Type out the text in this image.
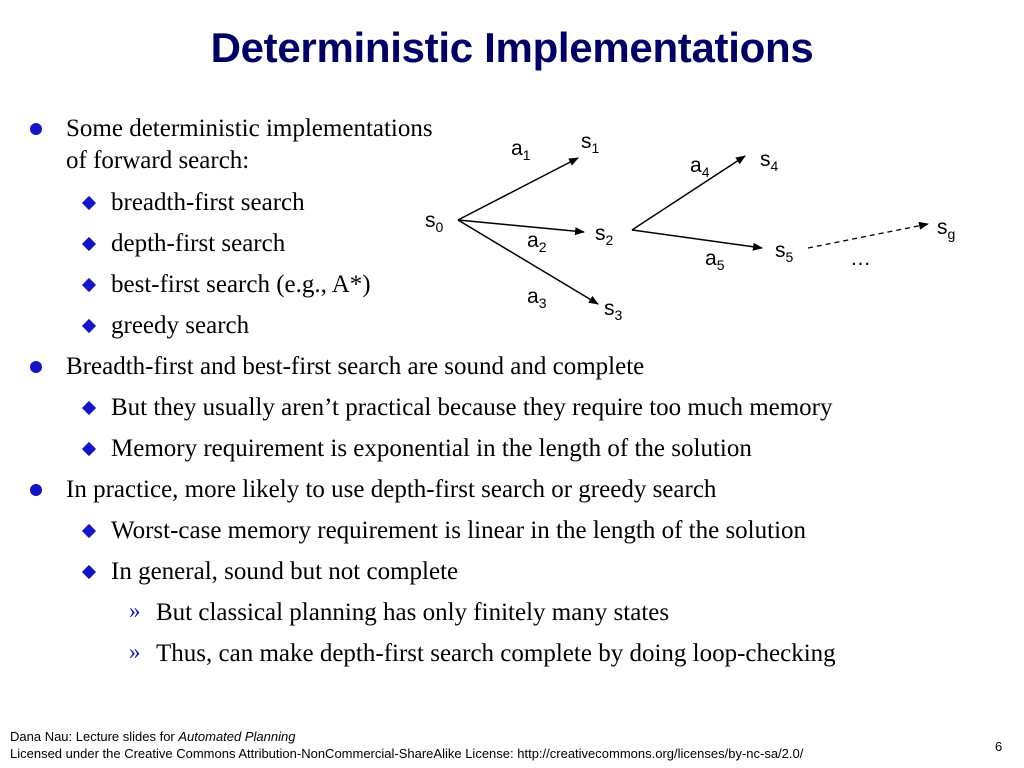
Deterministic Implementations
Some deterministic implementations
of forward search:
breadth-first search
depth-first search
best-first search (e.g., A*)
greedy search
Breadth-first and best-first search are sound and complete
But they usually aren’t practical because they require too much memory
Memory requirement is exponential in the length of the solution
In practice, more likely to use depth-first search or greedy search
Worst-case memory requirement is linear in the length of the solution
In general, sound but not complete
» But classical planning has only finitely many states
» Thus, can make depth-first search complete by doing loop-checking
$s_0$
$s_1$
$s_2$
$s_3$
$s_4$
$s_5$
$s_g$
$a_1$
$a_2$
$a_3$
$a_4$
$a_5$	…
Dana Nau: Lecture slides for Automated Planning
Licensed under the Creative Commons Attribution-NonCommercial-ShareAlike License: http://creativecommons.org/licenses/by-nc-sa/2.0/	6
